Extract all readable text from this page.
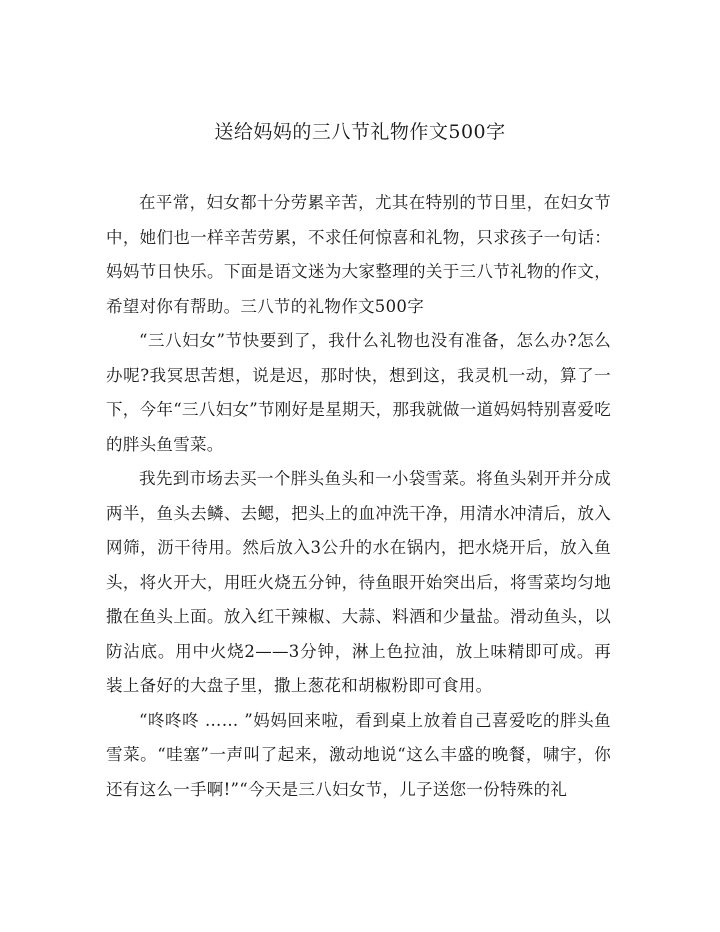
送给妈妈的三八节礼物作文500字

在平常，妇女都十分劳累辛苦，尤其在特别的节日里，在妇女节中，她们也一样辛苦劳累，不求任何惊喜和礼物，只求孩子一句话：妈妈节日快乐。下面是语文迷为大家整理的关于三八节礼物的作文，希望对你有帮助。三八节的礼物作文500字

“三八妇女”节快要到了，我什么礼物也没有准备，怎么办?怎么办呢?我冥思苦想，说是迟，那时快，想到这，我灵机一动，算了一下，今年“三八妇女”节刚好是星期天，那我就做一道妈妈特别喜爱吃的胖头鱼雪菜。

我先到市场去买一个胖头鱼头和一小袋雪菜。将鱼头剁开并分成两半，鱼头去鳞、去鳃，把头上的血冲洗干净，用清水冲清后，放入网筛，沥干待用。然后放入3公升的水在锅内，把水烧开后，放入鱼头，将火开大，用旺火烧五分钟，待鱼眼开始突出后，将雪菜均匀地撒在鱼头上面。放入红干辣椒、大蒜、料酒和少量盐。滑动鱼头，以防沾底。用中火烧2——3分钟，淋上色拉油，放上味精即可成。再装上备好的大盘子里，撒上葱花和胡椒粉即可食用。

“咚咚咚 …… ”妈妈回来啦，看到桌上放着自己喜爱吃的胖头鱼雪菜。“哇塞”一声叫了起来，激动地说“这么丰盛的晚餐，啸宇，你还有这么一手啊!”“今天是三八妇女节，儿子送您一份特殊的礼
